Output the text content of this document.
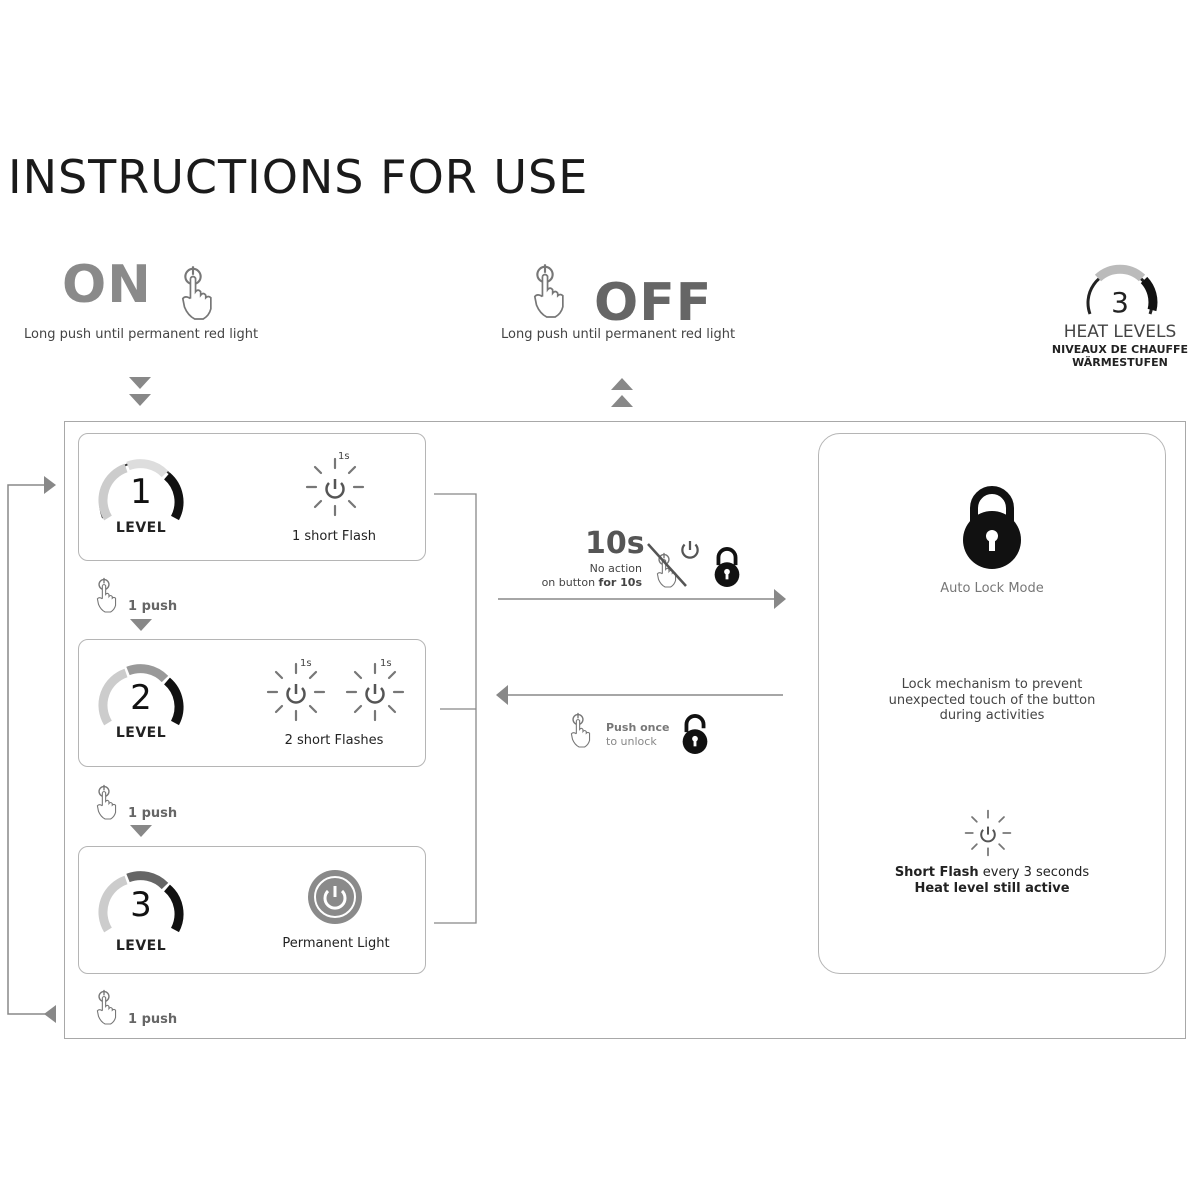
INSTRUCTIONS FOR USE
ON
Long push until permanent red light
OFF
Long push until permanent red light	HEAT LEVELS
NIVEAUX DE CHAUFFE
WÄRMESTUFEN
3
1
LEVEL
2
LEVEL
3
LEVEL
1s
1 short Flash
1s	1s
2 short Flashes
Permanent Light
1 push
1 push
1 push
10s
No action
on button for 10s
Push once
to unlock
Auto Lock Mode
Lock mechanism to prevent
unexpected touch of the button
during activities
Short Flash every 3 seconds
Heat level still active
